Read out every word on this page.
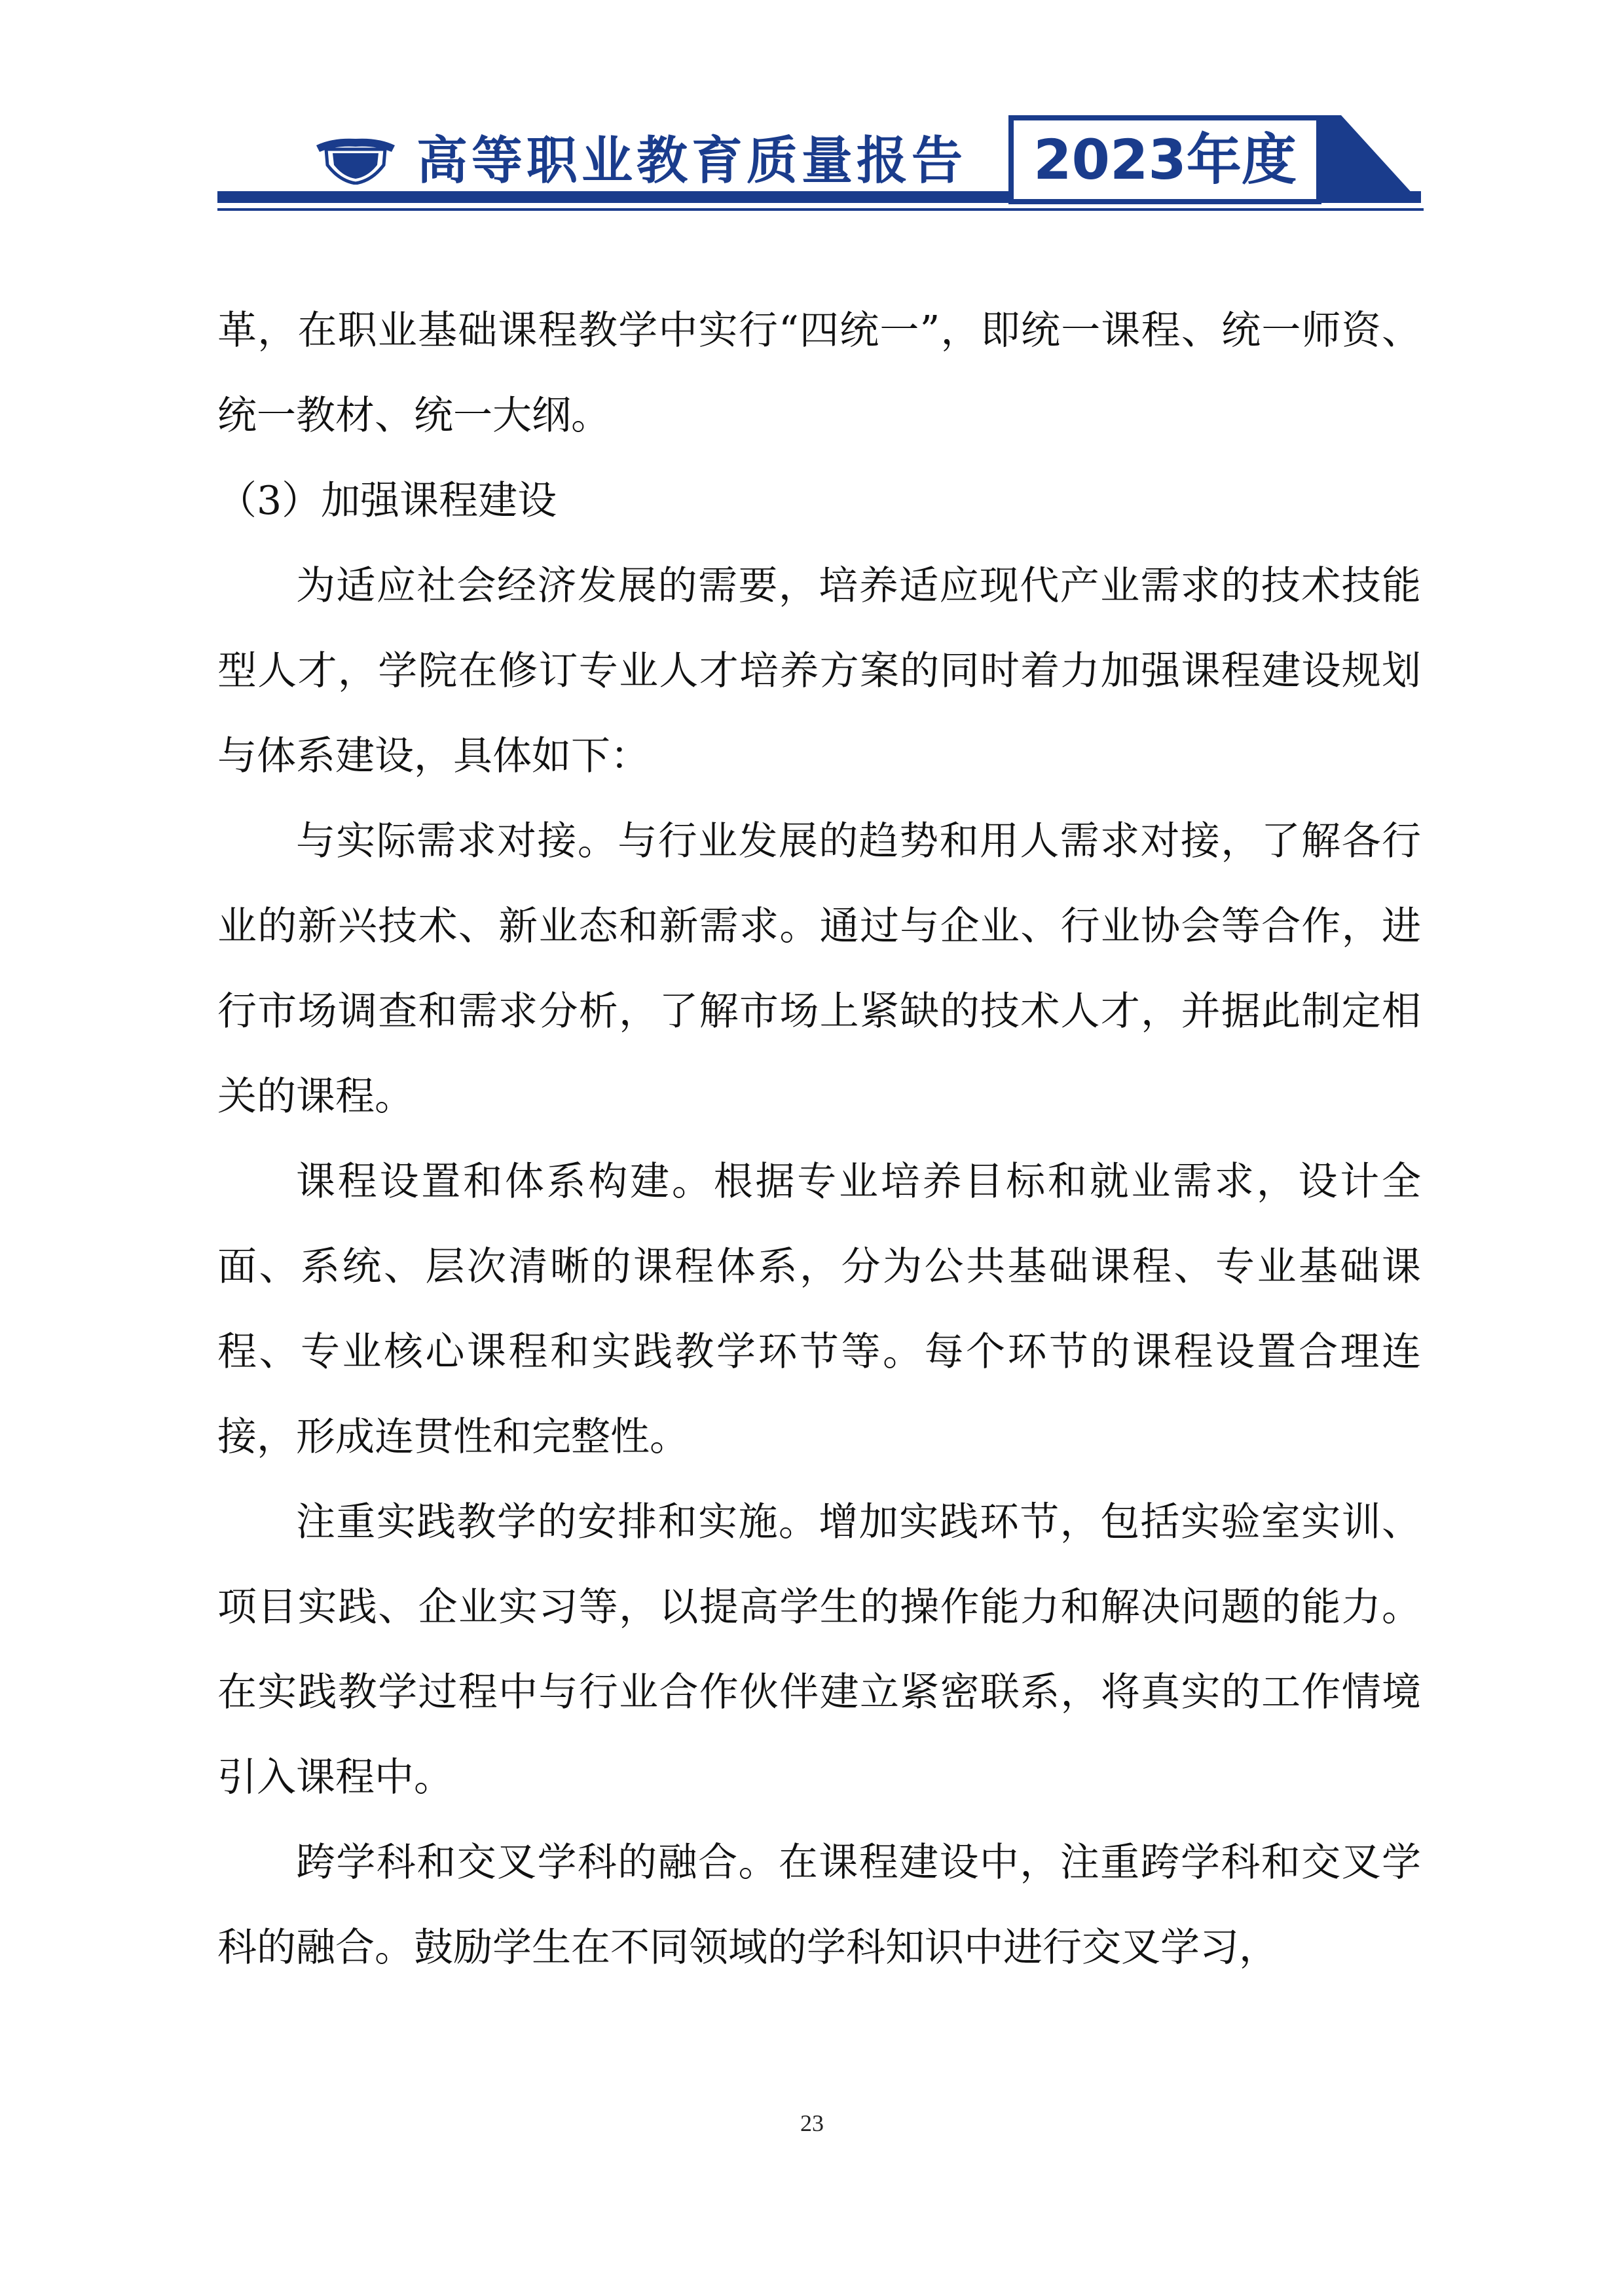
高等职业教育质量报告	2023年度

革，在职业基础课程教学中实行“四统一”，即统一课程、统一师资、统一教材、统一大纲。

（3）加强课程建设

为适应社会经济发展的需要，培养适应现代产业需求的技术技能型人才，学院在修订专业人才培养方案的同时着力加强课程建设规划与体系建设，具体如下：

与实际需求对接。与行业发展的趋势和用人需求对接，了解各行业的新兴技术、新业态和新需求。通过与企业、行业协会等合作，进行市场调查和需求分析，了解市场上紧缺的技术人才，并据此制定相关的课程。

课程设置和体系构建。根据专业培养目标和就业需求，设计全面、系统、层次清晰的课程体系，分为公共基础课程、专业基础课程、专业核心课程和实践教学环节等。每个环节的课程设置合理连接，形成连贯性和完整性。

注重实践教学的安排和实施。增加实践环节，包括实验室实训、项目实践、企业实习等，以提高学生的操作能力和解决问题的能力。在实践教学过程中与行业合作伙伴建立紧密联系，将真实的工作情境引入课程中。

跨学科和交叉学科的融合。在课程建设中，注重跨学科和交叉学科的融合。鼓励学生在不同领域的学科知识中进行交叉学习，

23
